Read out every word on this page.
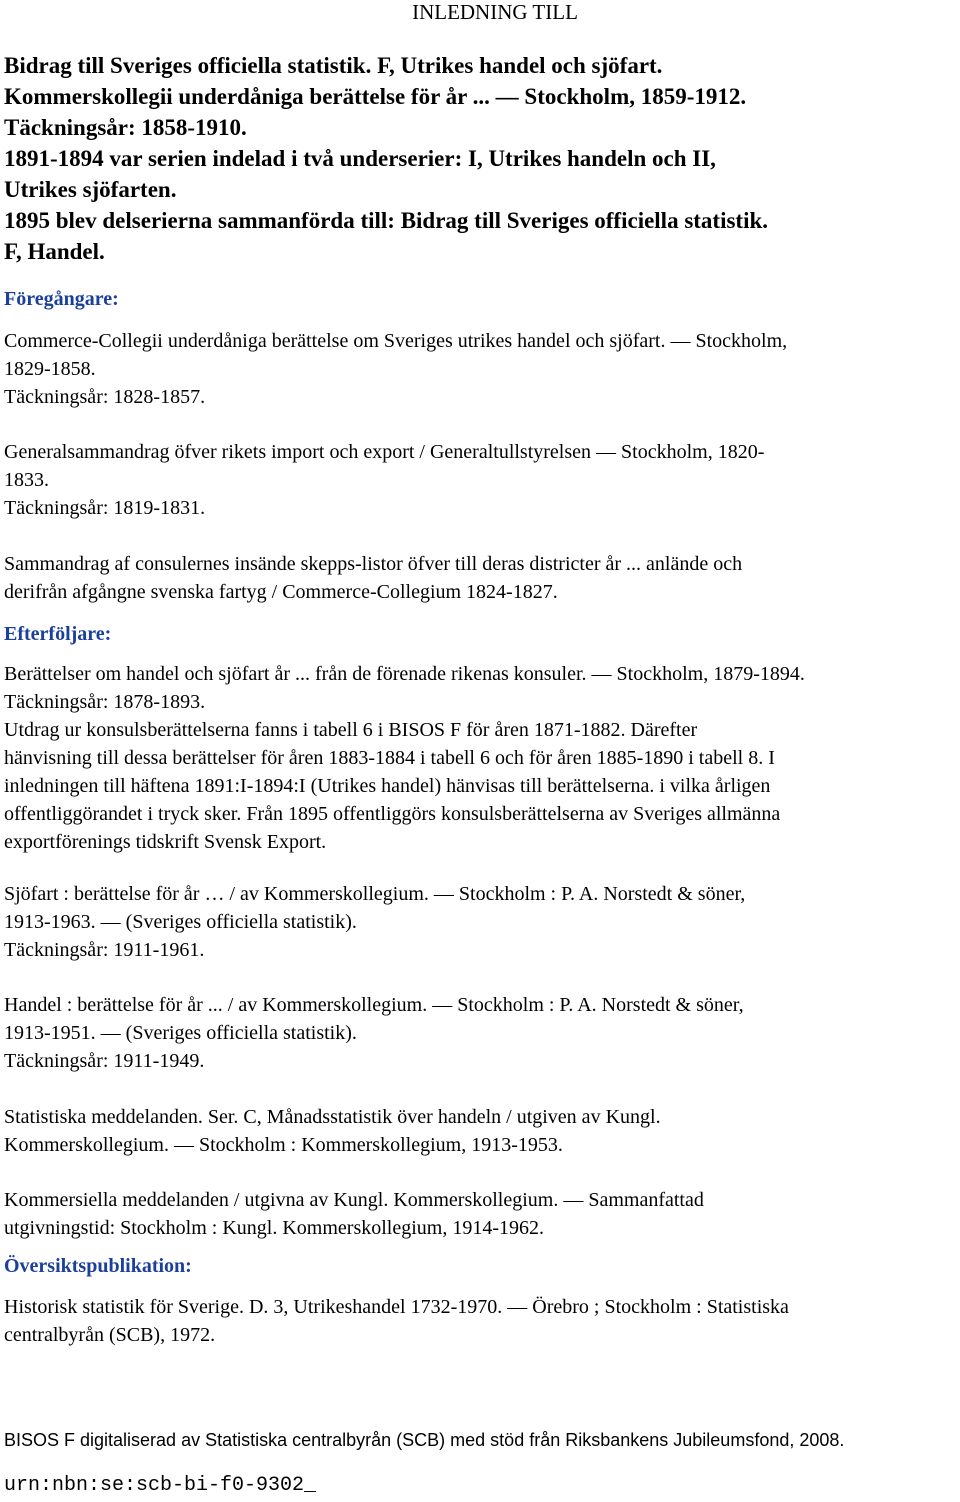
INLEDNING TILL
Bidrag till Sveriges officiella statistik. F, Utrikes handel och sjöfart.
Kommerskollegii underdåniga berättelse för år ... — Stockholm, 1859-1912.
Täckningsår: 1858-1910.
1891-1894 var serien indelad i två underserier: I, Utrikes handeln och II,
Utrikes sjöfarten.
1895 blev delserierna sammanförda till: Bidrag till Sveriges officiella statistik.
F, Handel.
Föregångare:
Commerce-Collegii underdåniga berättelse om Sveriges utrikes handel och sjöfart. — Stockholm,
1829-1858.
Täckningsår: 1828-1857.
Generalsammandrag öfver rikets import och export / Generaltullstyrelsen — Stockholm, 1820-
1833.
Täckningsår: 1819-1831.
Sammandrag af consulernes insände skepps-listor öfver till deras districter år ... anlände och
derifrån afgångne svenska fartyg / Commerce-Collegium 1824-1827.
Efterföljare:
Berättelser om handel och sjöfart år ... från de förenade rikenas konsuler. — Stockholm, 1879-1894.
Täckningsår: 1878-1893.
Utdrag ur konsulsberättelserna fanns i tabell 6 i BISOS F för åren 1871-1882. Därefter
hänvisning till dessa berättelser för åren 1883-1884 i tabell 6 och för åren 1885-1890 i tabell 8. I
inledningen till häftena 1891:I-1894:I (Utrikes handel) hänvisas till berättelserna. i vilka årligen
offentliggörandet i tryck sker. Från 1895 offentliggörs konsulsberättelserna av Sveriges allmänna
exportförenings tidskrift Svensk Export.
Sjöfart : berättelse för år … / av Kommerskollegium. — Stockholm : P. A. Norstedt & söner,
1913-1963. — (Sveriges officiella statistik).
Täckningsår: 1911-1961.
Handel : berättelse för år ... / av Kommerskollegium. — Stockholm : P. A. Norstedt & söner,
1913-1951. — (Sveriges officiella statistik).
Täckningsår: 1911-1949.
Statistiska meddelanden. Ser. C, Månadsstatistik över handeln / utgiven av Kungl.
Kommerskollegium. — Stockholm : Kommerskollegium, 1913-1953.
Kommersiella meddelanden / utgivna av Kungl. Kommerskollegium. — Sammanfattad
utgivningstid: Stockholm : Kungl. Kommerskollegium, 1914-1962.
Översiktspublikation:
Historisk statistik för Sverige. D. 3, Utrikeshandel 1732-1970. — Örebro ; Stockholm : Statistiska
centralbyrån (SCB), 1972.
BISOS F digitaliserad av Statistiska centralbyrån (SCB) med stöd från Riksbankens Jubileumsfond, 2008.
urn:nbn:se:scb-bi-f0-9302_
